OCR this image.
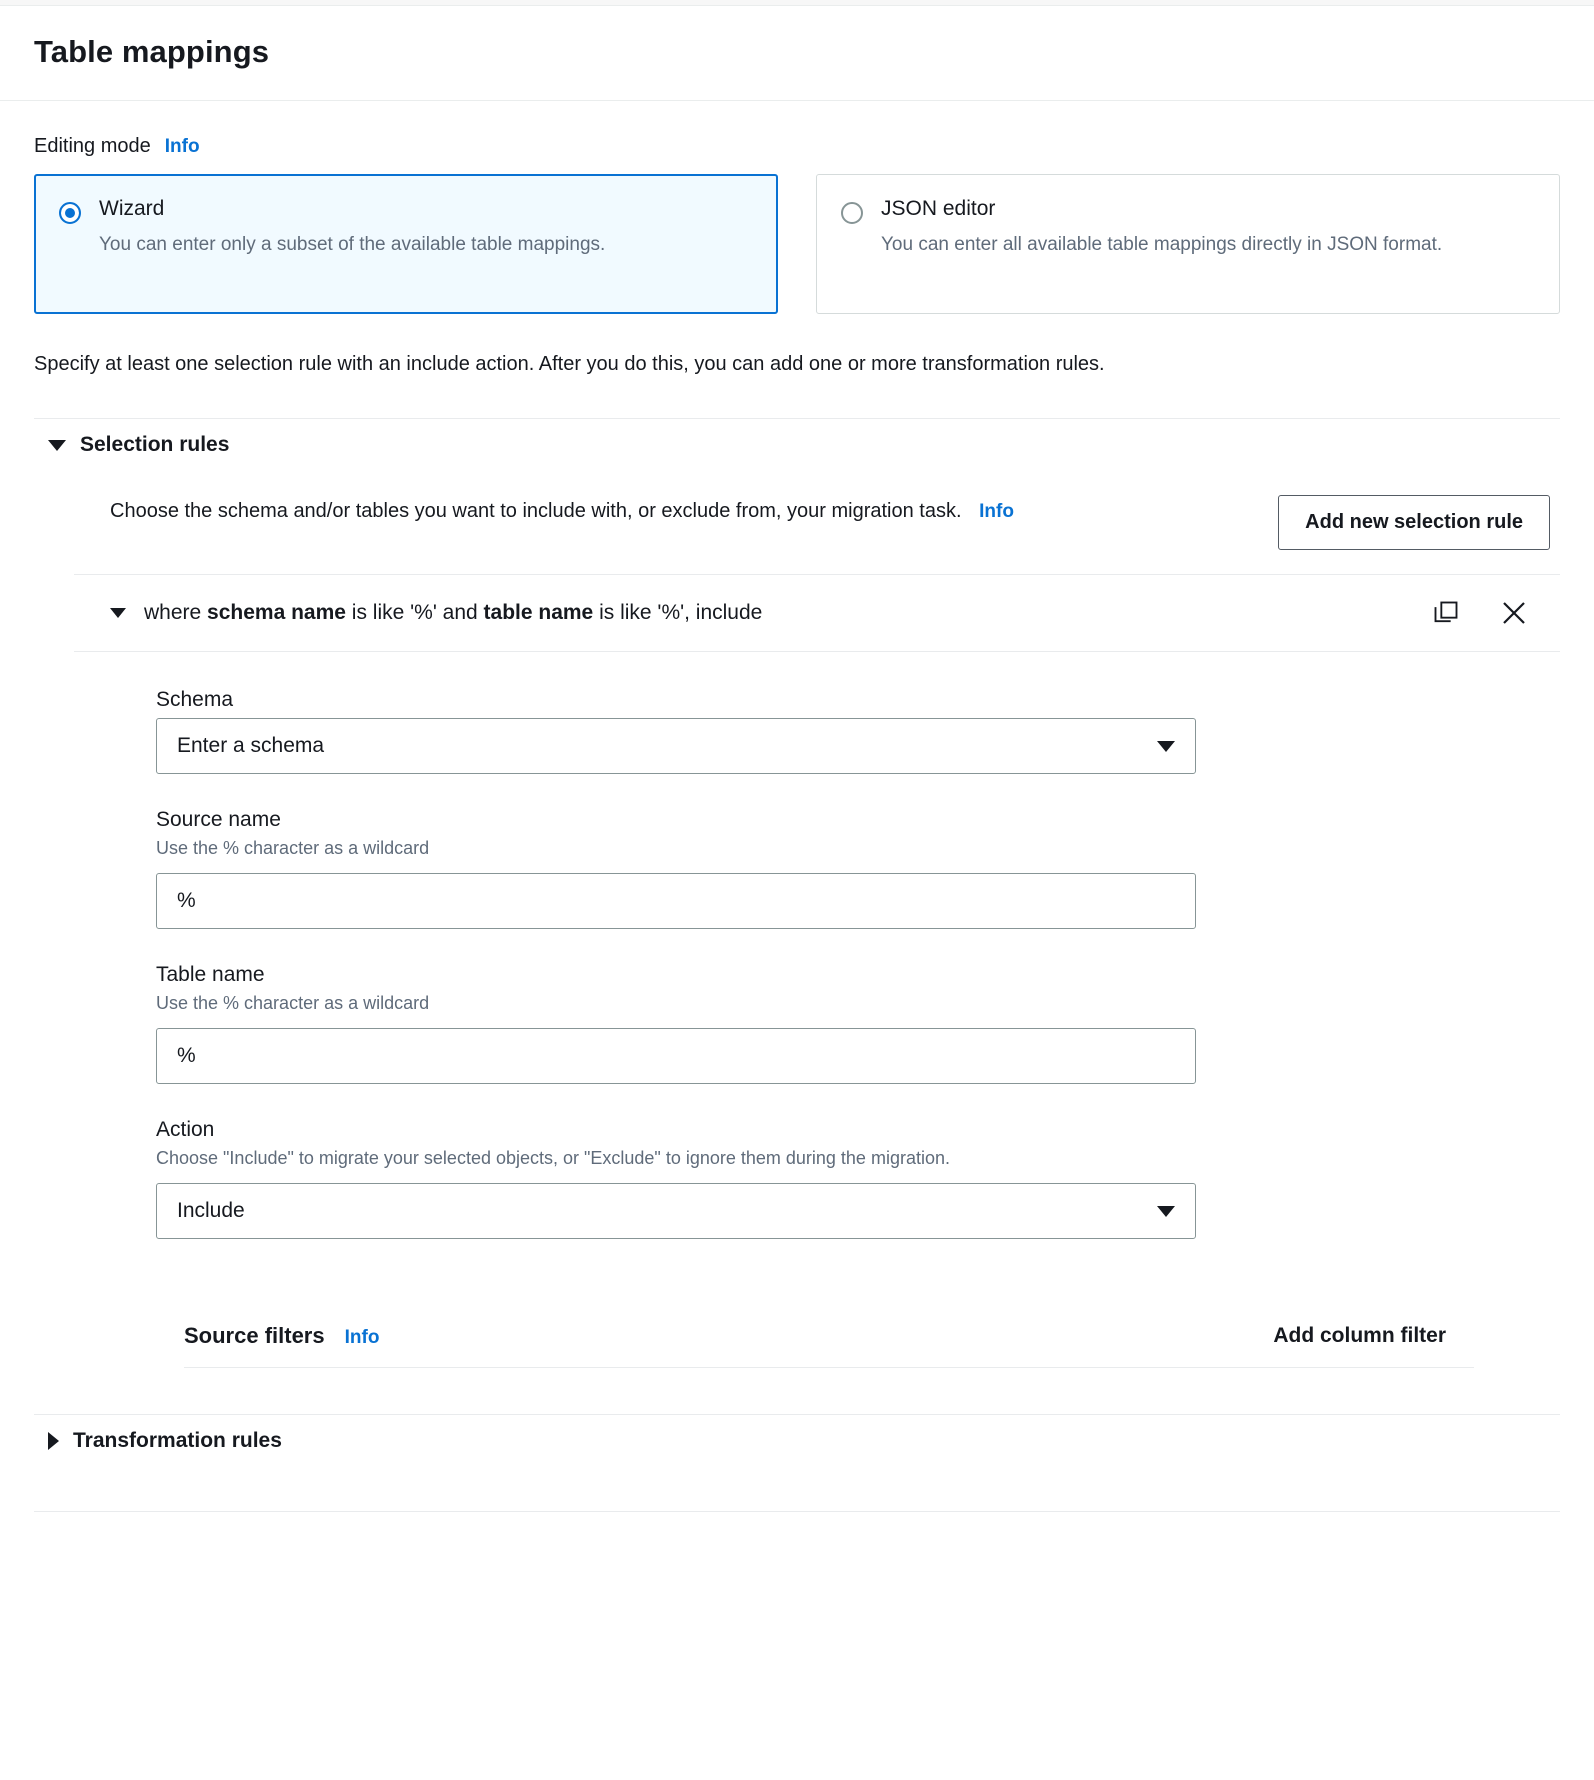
Table mappings
Editing mode Info
Wizard
You can enter only a subset of the available table mappings.
JSON editor
You can enter all available table mappings directly in JSON format.
Specify at least one selection rule with an include action. After you do this, you can add one or more transformation rules.
Selection rules
Choose the schema and/or tables you want to include with, or exclude from, your migration task. Info	Add new selection rule
where schema name is like '%' and table name is like '%', include
Schema
Enter a schema
Source name
Use the % character as a wildcard
%
Table name
Use the % character as a wildcard
%
Action
Choose "Include" to migrate your selected objects, or "Exclude" to ignore them during the migration.
Include
Source filters Info	Add column filter
Transformation rules
